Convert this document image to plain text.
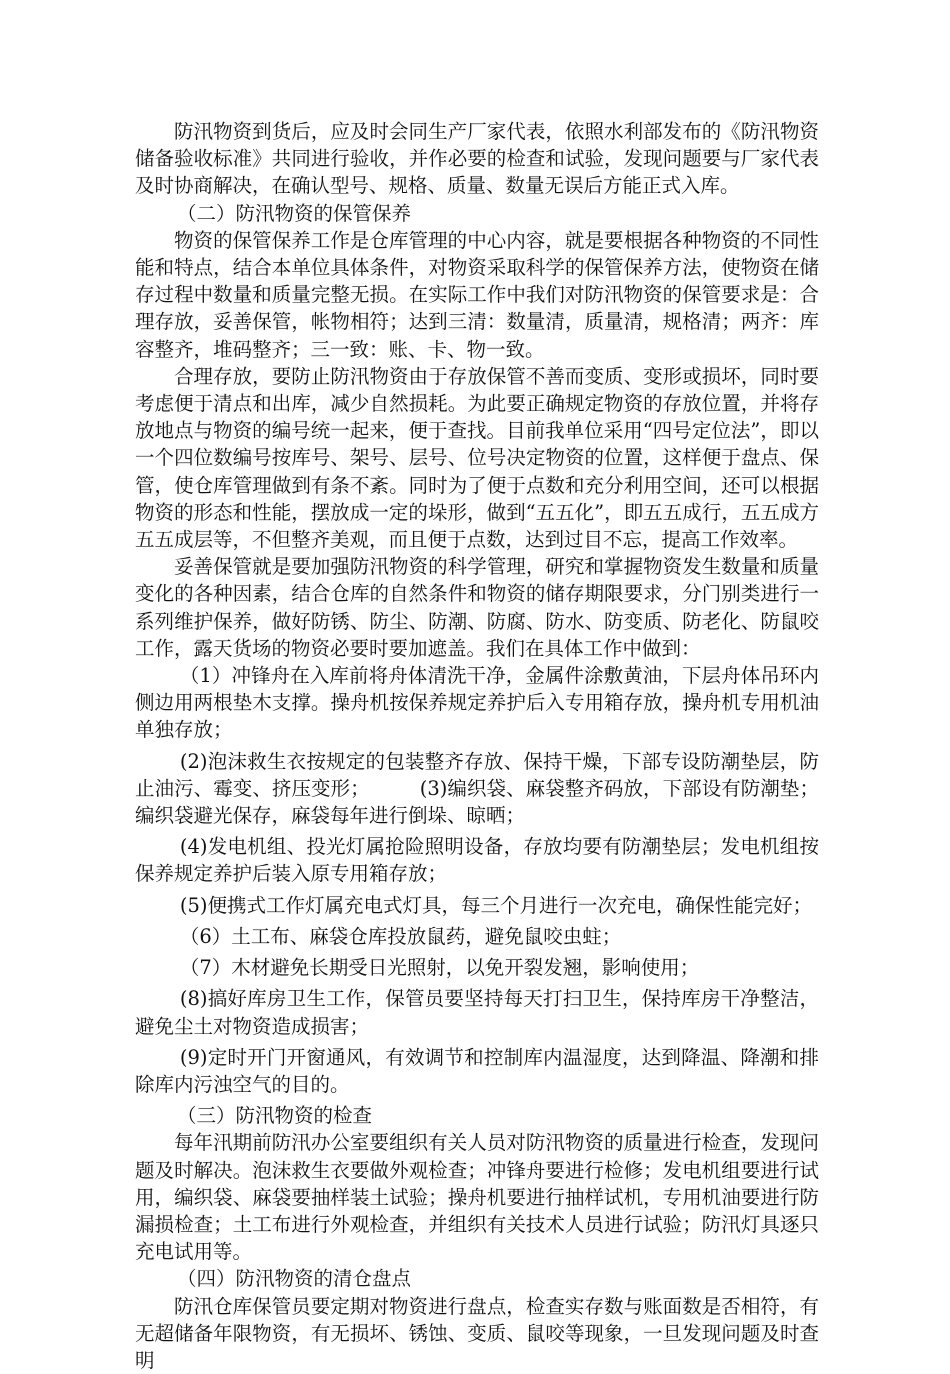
防汛物资到货后，应及时会同生产厂家代表，依照水利部发布的《防汛物资储备验收标准》共同进行验收，并作必要的检查和试验，发现问题要与厂家代表及时协商解决，在确认型号、规格、质量、数量无误后方能正式入库。

（二）防汛物资的保管保养

物资的保管保养工作是仓库管理的中心内容，就是要根据各种物资的不同性能和特点，结合本单位具体条件，对物资采取科学的保管保养方法，使物资在储存过程中数量和质量完整无损。在实际工作中我们对防汛物资的保管要求是：合理存放，妥善保管，帐物相符；达到三清：数量清，质量清，规格清；两齐：库容整齐，堆码整齐；三一致：账、卡、物一致。

合理存放，要防止防汛物资由于存放保管不善而变质、变形或损坏，同时要考虑便于清点和出库，减少自然损耗。为此要正确规定物资的存放位置，并将存放地点与物资的编号统一起来，便于查找。目前我单位采用“四号定位法”，即以一个四位数编号按库号、架号、层号、位号决定物资的位置，这样便于盘点、保管，使仓库管理做到有条不紊。同时为了便于点数和充分利用空间，还可以根据物资的形态和性能，摆放成一定的垛形，做到“五五化”，即五五成行，五五成方五五成层等，不但整齐美观，而且便于点数，达到过目不忘，提高工作效率。

妥善保管就是要加强防汛物资的科学管理，研究和掌握物资发生数量和质量变化的各种因素，结合仓库的自然条件和物资的储存期限要求，分门别类进行一系列维护保养，做好防锈、防尘、防潮、防腐、防水、防变质、防老化、防鼠咬工作，露天货场的物资必要时要加遮盖。我们在具体工作中做到：

（1）冲锋舟在入库前将舟体清洗干净，金属件涂敷黄油，下层舟体吊环内侧边用两根垫木支撑。操舟机按保养规定养护后入专用箱存放，操舟机专用机油单独存放；

(2)泡沫救生衣按规定的包装整齐存放、保持干燥，下部专设防潮垫层，防止油污、霉变、挤压变形；        (3)编织袋、麻袋整齐码放，下部设有防潮垫；编织袋避光保存，麻袋每年进行倒垛、晾晒；

(4)发电机组、投光灯属抢险照明设备，存放均要有防潮垫层；发电机组按保养规定养护后装入原专用箱存放；

(5)便携式工作灯属充电式灯具，每三个月进行一次充电，确保性能完好；

（6）土工布、麻袋仓库投放鼠药，避免鼠咬虫蛀；

（7）木材避免长期受日光照射，以免开裂发翘，影响使用；

(8)搞好库房卫生工作，保管员要坚持每天打扫卫生，保持库房干净整洁，避免尘土对物资造成损害；

(9)定时开门开窗通风，有效调节和控制库内温湿度，达到降温、降潮和排除库内污浊空气的目的。

（三）防汛物资的检查

每年汛期前防汛办公室要组织有关人员对防汛物资的质量进行检查，发现问题及时解决。泡沫救生衣要做外观检查；冲锋舟要进行检修；发电机组要进行试用，编织袋、麻袋要抽样装土试验；操舟机要进行抽样试机，专用机油要进行防漏损检查；土工布进行外观检查，并组织有关技术人员进行试验；防汛灯具逐只充电试用等。

（四）防汛物资的清仓盘点

防汛仓库保管员要定期对物资进行盘点，检查实存数与账面数是否相符，有无超储备年限物资，有无损坏、锈蚀、变质、鼠咬等现象，一旦发现问题及时查明
